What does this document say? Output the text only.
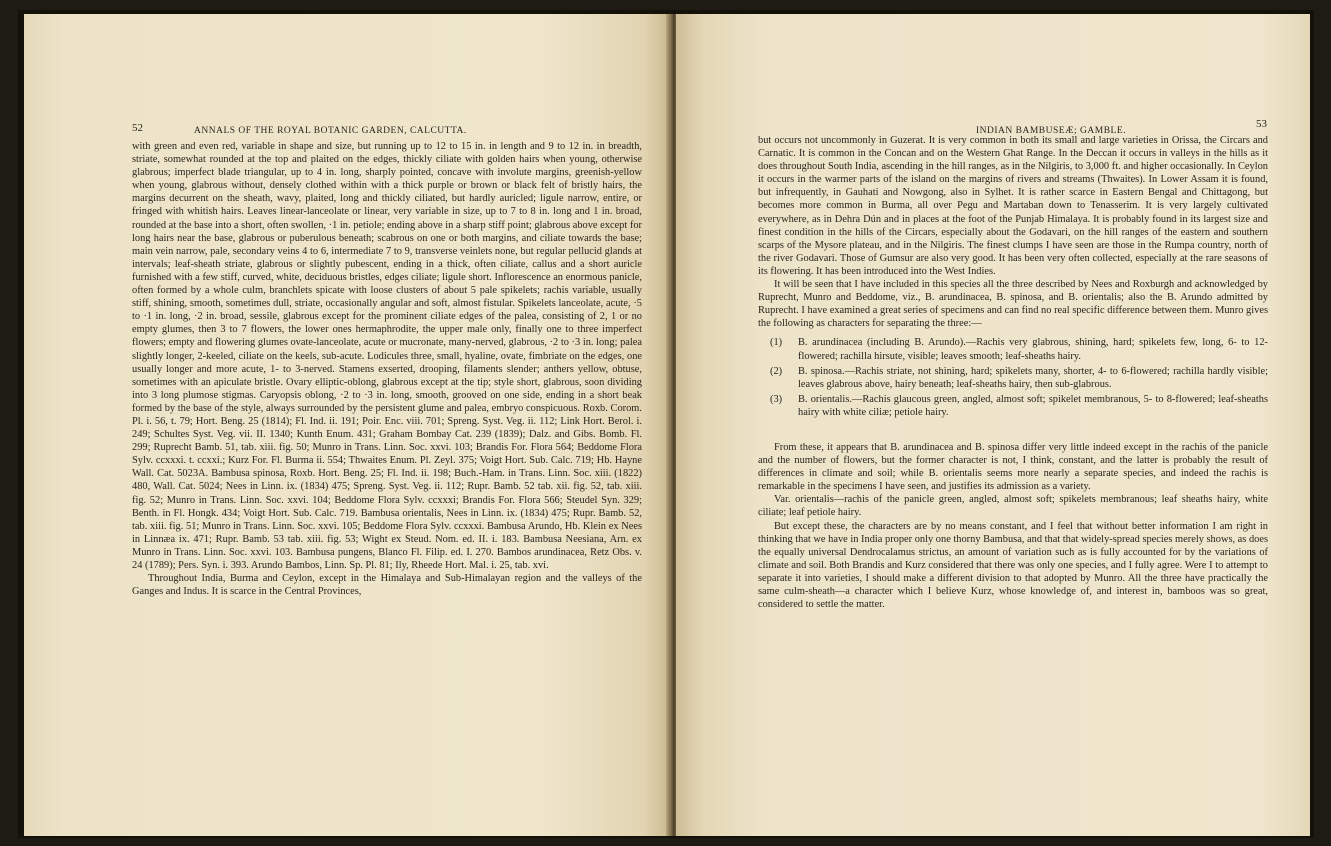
52	ANNALS OF THE ROYAL BOTANIC GARDEN, CALCUTTA.

with green and even red, variable in shape and size, but running up to 12 to 15 in. in length and 9 to 12 in. in breadth, striate, somewhat rounded at the top and plaited on the edges, thickly ciliate with golden hairs when young, otherwise glabrous; imperfect blade triangular, up to 4 in. long, sharply pointed, concave with involute margins, greenish-yellow when young, glabrous without, densely clothed within with a thick purple or brown or black felt of bristly hairs, the margins decurrent on the sheath, wavy, plaited, long and thickly ciliated, but hardly auricled; ligule narrow, entire, or fringed with whitish hairs. Leaves linear-lanceolate or linear, very variable in size, up to 7 to 8 in. long and 1 in. broad, rounded at the base into a short, often swollen, ·1 in. petiole; ending above in a sharp stiff point; glabrous above except for long hairs near the base, glabrous or puberulous beneath; scabrous on one or both margins, and ciliate towards the base; main vein narrow, pale, secondary veins 4 to 6, intermediate 7 to 9, transverse veinlets none, but regular pellucid glands at intervals; leaf-sheath striate, glabrous or slightly pubescent, ending in a thick, often ciliate, callus and a short auricle furnished with a few stiff, curved, white, deciduous bristles, edges ciliate; ligule short. Inflorescence an enormous panicle, often formed by a whole culm, branchlets spicate with loose clusters of about 5 pale spikelets; rachis variable, usually stiff, shining, smooth, sometimes dull, striate, occasionally angular and soft, almost fistular. Spikelets lanceolate, acute, ·5 to ·1 in. long, ·2 in. broad, sessile, glabrous except for the prominent ciliate edges of the palea, consisting of 2, 1 or no empty glumes, then 3 to 7 flowers, the lower ones hermaphrodite, the upper male only, finally one to three imperfect flowers; empty and flowering glumes ovate-lanceolate, acute or mucronate, many-nerved, glabrous, ·2 to ·3 in. long; palea slightly longer, 2-keeled, ciliate on the keels, sub-acute. Lodicules three, small, hyaline, ovate, fimbriate on the edges, one usually longer and more acute, 1- to 3-nerved. Stamens exserted, drooping, filaments slender; anthers yellow, obtuse, sometimes with an apiculate bristle. Ovary elliptic-oblong, glabrous except at the tip; style short, glabrous, soon dividing into 3 long plumose stigmas. Caryopsis oblong, ·2 to ·3 in. long, smooth, grooved on one side, ending in a short beak formed by the base of the style, always surrounded by the persistent glume and palea, embryo conspicuous. Roxb. Corom. Pl. i. 56, t. 79; Hort. Beng. 25 (1814); Fl. Ind. ii. 191; Poir. Enc. viii. 701; Spreng. Syst. Veg. ii. 112; Link Hort. Berol. i. 249; Schultes Syst. Veg. vii. II. 1340; Kunth Enum. 431; Graham Bombay Cat. 239 (1839); Dalz. and Gibs. Bomb. Fl. 299; Ruprecht Bamb. 51, tab. xiii. fig. 50; Munro in Trans. Linn. Soc. xxvi. 103; Brandis For. Flora 564; Beddome Flora Sylv. ccxxxi. t. ccxxi.; Kurz For. Fl. Burma ii. 554; Thwaites Enum. Pl. Zeyl. 375; Voigt Hort. Sub. Calc. 719; Hb. Hayne Wall. Cat. 5023A. Bambusa spinosa, Roxb. Hort. Beng. 25; Fl. Ind. ii. 198; Buch.-Ham. in Trans. Linn. Soc. xiii. (1822) 480, Wall. Cat. 5024; Nees in Linn. ix. (1834) 475; Spreng. Syst. Veg. ii. 112; Rupr. Bamb. 52 tab. xii. fig. 52, tab. xiii. fig. 52; Munro in Trans. Linn. Soc. xxvi. 104; Beddome Flora Sylv. ccxxxi; Brandis For. Flora 566; Steudel Syn. 329; Benth. in Fl. Hongk. 434; Voigt Hort. Sub. Calc. 719. Bambusa orientalis, Nees in Linn. ix. (1834) 475; Rupr. Bamb. 52, tab. xiii. fig. 51; Munro in Trans. Linn. Soc. xxvi. 105; Beddome Flora Sylv. ccxxxi. Bambusa Arundo, Hb. Klein ex Nees in Linnæa ix. 471; Rupr. Bamb. 53 tab. xiii. fig. 53; Wight ex Steud. Nom. ed. II. i. 183. Bambusa Neesiana, Arn. ex Munro in Trans. Linn. Soc. xxvi. 103. Bambusa pungens, Blanco Fl. Filip. ed. I. 270. Bambos arundinacea, Retz Obs. v. 24 (1789); Pers. Syn. i. 393. Arundo Bambos, Linn. Sp. Pl. 81; Ily, Rheede Hort. Mal. i. 25, tab. xvi.

Throughout India, Burma and Ceylon, except in the Himalaya and Sub-Himalayan region and the valleys of the Ganges and Indus. It is scarce in the Central Provinces,

INDIAN BAMBUSEÆ; GAMBLE.
53

but occurs not uncommonly in Guzerat. It is very common in both its small and large varieties in Orissa, the Circars and Carnatic. It is common in the Concan and on the Western Ghat Range. In the Deccan it occurs in valleys in the hills as it does throughout South India, ascending in the hill ranges, as in the Nilgiris, to 3,000 ft. and higher occasionally. In Ceylon it occurs in the warmer parts of the island on the margins of rivers and streams (Thwaites). In Lower Assam it is found, but infrequently, in Gauhati and Nowgong, also in Sylhet. It is rather scarce in Eastern Bengal and Chittagong, but becomes more common in Burma, all over Pegu and Martaban down to Tenasserim. It is very largely cultivated everywhere, as in Dehra Dún and in places at the foot of the Punjab Himalaya. It is probably found in its largest size and finest condition in the hills of the Circars, especially about the Godavari, on the hill ranges of the eastern and southern scarps of the Mysore plateau, and in the Nilgiris. The finest clumps I have seen are those in the Rumpa country, north of the river Godavari. Those of Gumsur are also very good. It has been very often collected, especially at the rare seasons of its flowering. It has been introduced into the West Indies.

It will be seen that I have included in this species all the three described by Nees and Roxburgh and acknowledged by Ruprecht, Munro and Beddome, viz., B. arundinacea, B. spinosa, and B. orientalis; also the B. Arundo admitted by Ruprecht. I have examined a great series of specimens and can find no real specific difference between them. Munro gives the following as characters for separating the three:—

(1) B. arundinacea (including B. Arundo).—Rachis very glabrous, shining, hard; spikelets few, long, 6- to 12-flowered; rachilla hirsute, visible; leaves smooth; leaf-sheaths hairy.
(2) B. spinosa.—Rachis striate, not shining, hard; spikelets many, shorter, 4- to 6-flowered; rachilla hardly visible; leaves glabrous above, hairy beneath; leaf-sheaths hairy, then sub-glabrous.
(3) B. orientalis.—Rachis glaucous green, angled, almost soft; spikelet membranous, 5- to 8-flowered; leaf-sheaths hairy with white ciliæ; petiole hairy.

From these, it appears that B. arundinacea and B. spinosa differ very little indeed except in the rachis of the panicle and the number of flowers, but the former character is not, I think, constant, and the latter is probably the result of differences in climate and soil; while B. orientalis seems more nearly a separate species, and indeed the rachis is remarkable in the specimens I have seen, and justifies its admission as a variety.

Var. orientalis—rachis of the panicle green, angled, almost soft; spikelets membranous; leaf sheaths hairy, white ciliate; leaf petiole hairy.

But except these, the characters are by no means constant, and I feel that without better information I am right in thinking that we have in India proper only one thorny Bambusa, and that that widely-spread species merely shows, as does the equally universal Dendrocalamus strictus, an amount of variation such as is fully accounted for by the variations of climate and soil. Both Brandis and Kurz considered that there was only one species, and I fully agree. Were I to attempt to separate it into varieties, I should make a different division to that adopted by Munro. All the three have practically the same culm-sheath—a character which I believe Kurz, whose knowledge of, and interest in, bamboos was so great, considered to settle the matter.
